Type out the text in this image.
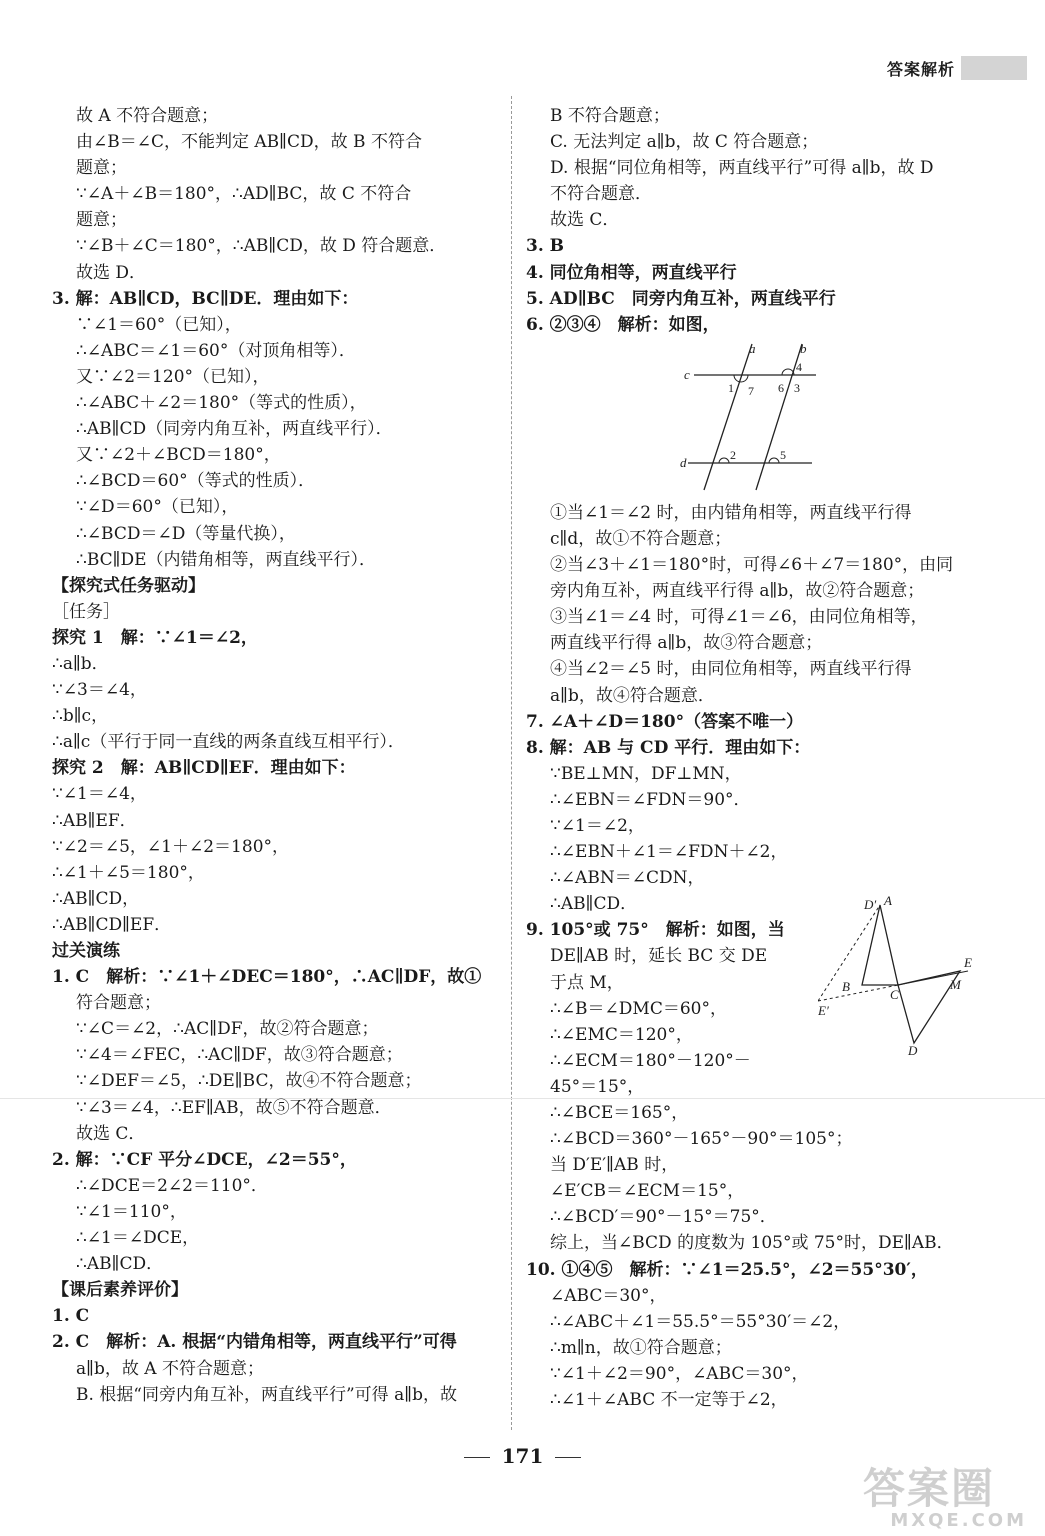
答案解析
故 A 不符合题意；
由∠B＝∠C，不能判定 AB∥CD，故 B 不符合
题意；
∵∠A＋∠B＝180°，∴AD∥BC，故 C 不符合
题意；
∵∠B＋∠C＝180°，∴AB∥CD，故 D 符合题意．
故选 D．
3. 解：AB∥CD，BC∥DE．理由如下：
∵∠1＝60°（已知），
∴∠ABC＝∠1＝60°（对顶角相等）．
又∵∠2＝120°（已知），
∴∠ABC＋∠2＝180°（等式的性质），
∴AB∥CD（同旁内角互补，两直线平行）．
又∵∠2＋∠BCD＝180°，
∴∠BCD＝60°（等式的性质）．
∵∠D＝60°（已知），
∴∠BCD＝∠D（等量代换），
∴BC∥DE（内错角相等，两直线平行）．
【探究式任务驱动】
［任务］
探究 1　解：∵∠1＝∠2，
∴a∥b．
∵∠3＝∠4，
∴b∥c，
∴a∥c（平行于同一直线的两条直线互相平行）．
探究 2　解：AB∥CD∥EF．理由如下：
∵∠1＝∠4，
∴AB∥EF．
∵∠2＝∠5，∠1＋∠2＝180°，
∴∠1＋∠5＝180°，
∴AB∥CD，
∴AB∥CD∥EF．
过关演练
1. C　解析：∵∠1＋∠DEC＝180°，∴AC∥DF，故①
符合题意；
∵∠C＝∠2，∴AC∥DF，故②符合题意；
∵∠4＝∠FEC，∴AC∥DF，故③符合题意；
∵∠DEF＝∠5，∴DE∥BC，故④不符合题意；
∵∠3＝∠4，∴EF∥AB，故⑤不符合题意．
故选 C．
2. 解：∵CF 平分∠DCE，∠2＝55°，
∴∠DCE＝2∠2＝110°．
∵∠1＝110°，
∴∠1＝∠DCE，
∴AB∥CD．
【课后素养评价】
1. C
2. C　解析：A. 根据“内错角相等，两直线平行”可得
a∥b，故 A 不符合题意；
B. 根据“同旁内角互补，两直线平行”可得 a∥b，故
B 不符合题意；
C. 无法判定 a∥b，故 C 符合题意；
D. 根据“同位角相等，两直线平行”可得 a∥b，故 D
不符合题意．
故选 C．
3. B
4. 同位角相等，两直线平行
5. AD∥BC　同旁内角互补，两直线平行
6. ②③④　解析：如图，
a	b
c
d
1 7 6 3
4
2	5
①当∠1＝∠2 时，由内错角相等，两直线平行得
c∥d，故①不符合题意；
②当∠3＋∠1＝180°时，可得∠6＋∠7＝180°，由同
旁内角互补，两直线平行得 a∥b，故②符合题意；
③当∠1＝∠4 时，可得∠1＝∠6，由同位角相等，
两直线平行得 a∥b，故③符合题意；
④当∠2＝∠5 时，由同位角相等，两直线平行得
a∥b，故④符合题意．
7. ∠A＋∠D＝180°（答案不唯一）
8. 解：AB 与 CD 平行．理由如下：
∵BE⊥MN，DF⊥MN，
∴∠EBN＝∠FDN＝90°．
∵∠1＝∠2，
∴∠EBN＋∠1＝∠FDN＋∠2，
∴∠ABN＝∠CDN，
∴AB∥CD．
9. 105°或 75°　解析：如图，当
DE∥AB 时，延长 BC 交 DE
于点 M，
∴∠B＝∠DMC＝60°，
∴∠EMC＝120°，
∴∠ECM＝180°－120°－
45°＝15°，
∴∠BCE＝165°，
∴∠BCD＝360°－165°－90°＝105°；
当 D′E′∥AB 时，
∠E′CB＝∠ECM＝15°，
∴∠BCD′＝90°－15°＝75°．
综上，当∠BCD 的度数为 105°或 75°时，DE∥AB．
10. ①④⑤　解析：∵∠1＝25.5°，∠2＝55°30′，
∠ABC＝30°，
∴∠ABC＋∠1＝55.5°＝55°30′＝∠2，
∴m∥n，故①符合题意；
∵∠1＋∠2＝90°，∠ABC＝30°，
∴∠1＋∠ABC 不一定等于∠2，
D′ A
B
C
E
M
E′
D
171
答案圈
MXQE.COM
